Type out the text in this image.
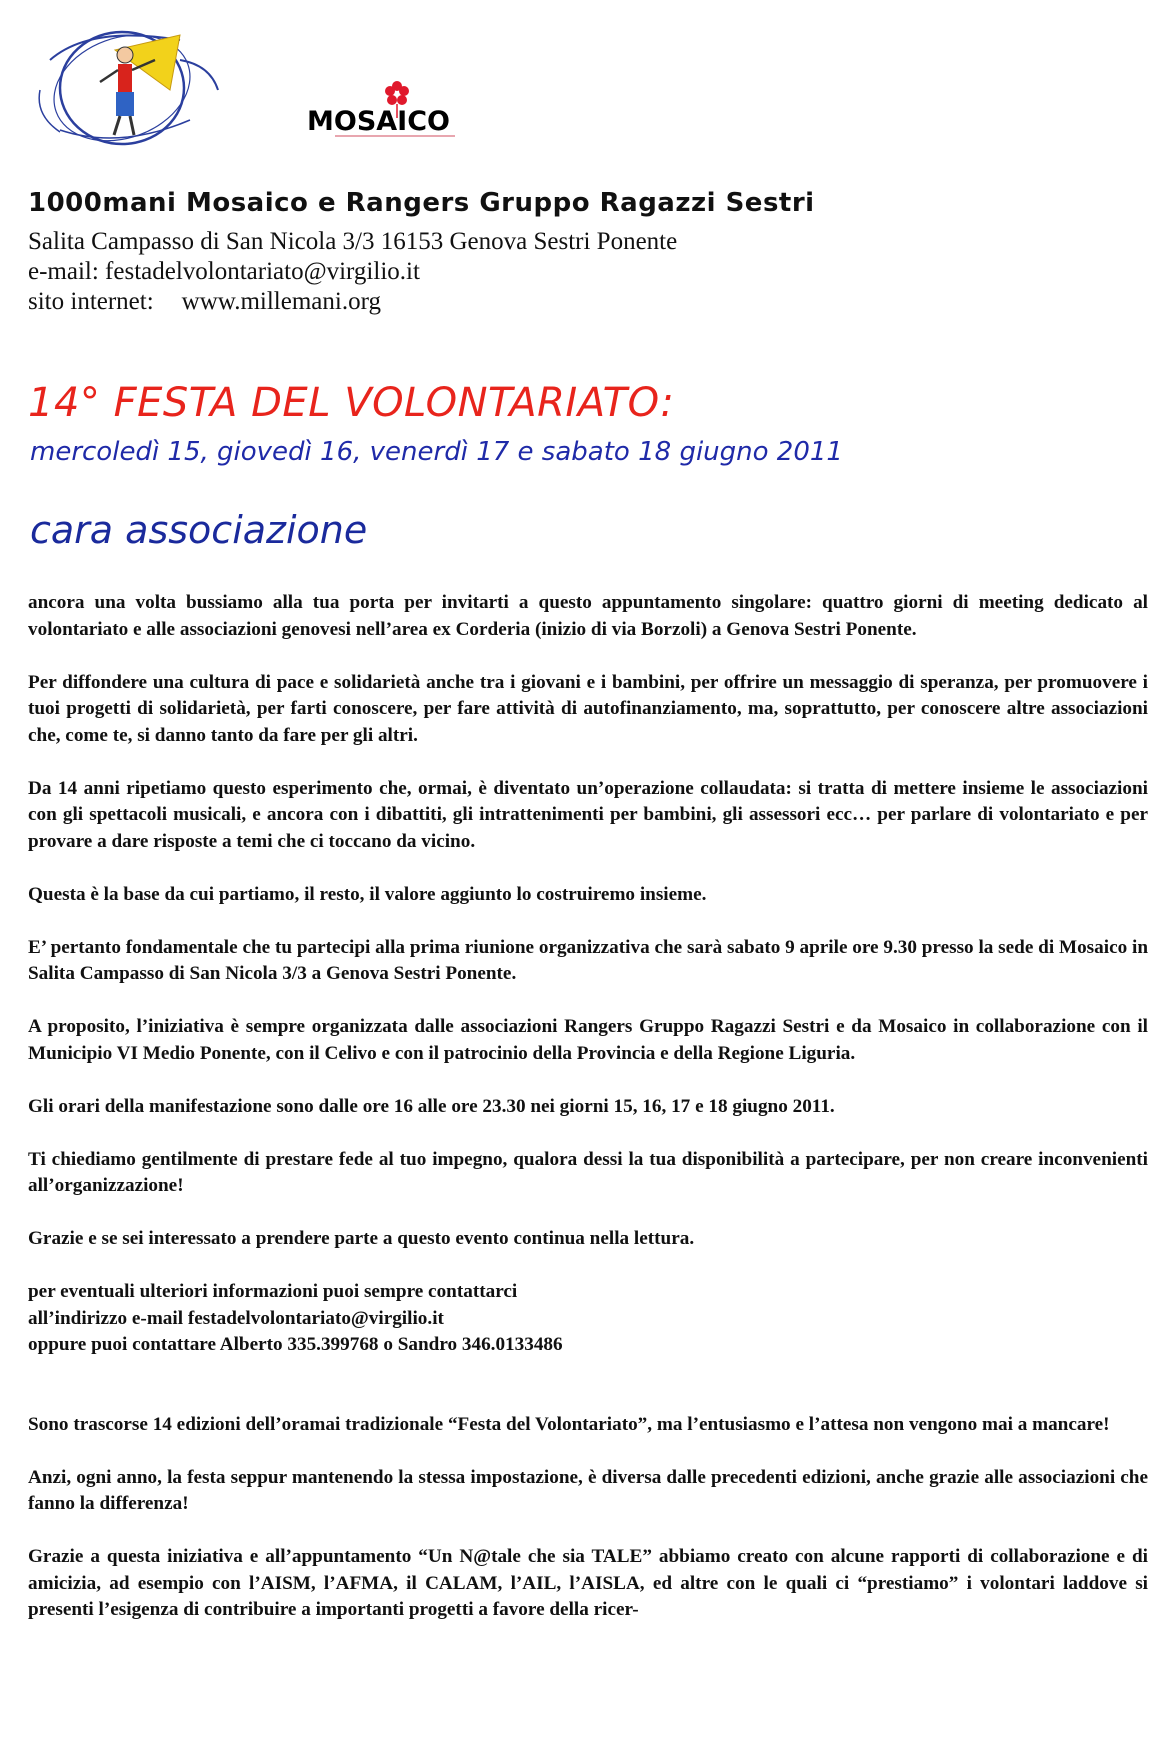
MOSAICO
1000mani Mosaico e Rangers Gruppo Ragazzi Sestri
Salita Campasso di San Nicola 3/3 16153 Genova Sestri Ponente
e-mail: festadelvolontariato@virgilio.it
sito internet: www.millemani.org
14° FESTA DEL VOLONTARIATO:
mercoledì 15, giovedì 16, venerdì 17 e sabato 18 giugno 2011
cara associazione

ancora una volta bussiamo alla tua porta per invitarti a questo appuntamento singolare: quattro giorni di meeting dedicato al volontariato e alle associazioni genovesi nell’area ex Corderia (inizio di via Borzoli) a Genova Sestri Ponente.

Per diffondere una cultura di pace e solidarietà anche tra i giovani e i bambini, per offrire un messaggio di speranza, per promuovere i tuoi progetti di solidarietà, per farti conoscere, per fare attività di autofinanziamento, ma, soprattutto, per conoscere altre associazioni che, come te, si danno tanto da fare per gli altri.

Da 14 anni ripetiamo questo esperimento che, ormai, è diventato un’operazione collaudata: si tratta di mettere insieme le associazioni con gli spettacoli musicali, e ancora con i dibattiti, gli intrattenimenti per bambini, gli assessori ecc… per parlare di volontariato e per provare a dare risposte a temi che ci toccano da vicino.

Questa è la base da cui partiamo, il resto, il valore aggiunto lo costruiremo insieme.

E’ pertanto fondamentale che tu partecipi alla prima riunione organizzativa che sarà sabato 9 aprile ore 9.30 presso la sede di Mosaico in Salita Campasso di San Nicola 3/3 a Genova Sestri Ponente.

A proposito, l’iniziativa è sempre organizzata dalle associazioni Rangers Gruppo Ragazzi Sestri e da Mosaico in collaborazione con il Municipio VI Medio Ponente, con il Celivo e con il patrocinio della Provincia e della Regione Liguria.

Gli orari della manifestazione sono dalle ore 16 alle ore 23.30 nei giorni 15, 16, 17 e 18 giugno 2011.

Ti chiediamo gentilmente di prestare fede al tuo impegno, qualora dessi la tua disponibilità a partecipare, per non creare inconvenienti all’organizzazione!

Grazie e se sei interessato a prendere parte a questo evento continua nella lettura.

per eventuali ulteriori informazioni puoi sempre contattarci

all’indirizzo e-mail festadelvolontariato@virgilio.it

oppure puoi contattare Alberto 335.399768 o Sandro 346.0133486

Sono trascorse 14 edizioni dell’oramai tradizionale “Festa del Volontariato”, ma l’entusiasmo e l’attesa non vengono mai a mancare!

Anzi, ogni anno, la festa seppur mantenendo la stessa impostazione, è diversa dalle precedenti edizioni, anche grazie alle associazioni che fanno la differenza!

Grazie a questa iniziativa e all’appuntamento “Un N@tale che sia TALE” abbiamo creato con alcune rapporti di collaborazione e di amicizia, ad esempio con l’AISM, l’AFMA, il CALAM, l’AIL, l’AISLA, ed altre con le quali ci “prestiamo” i volontari laddove si presenti l’esigenza di contribuire a importanti progetti a favore della ricer-
